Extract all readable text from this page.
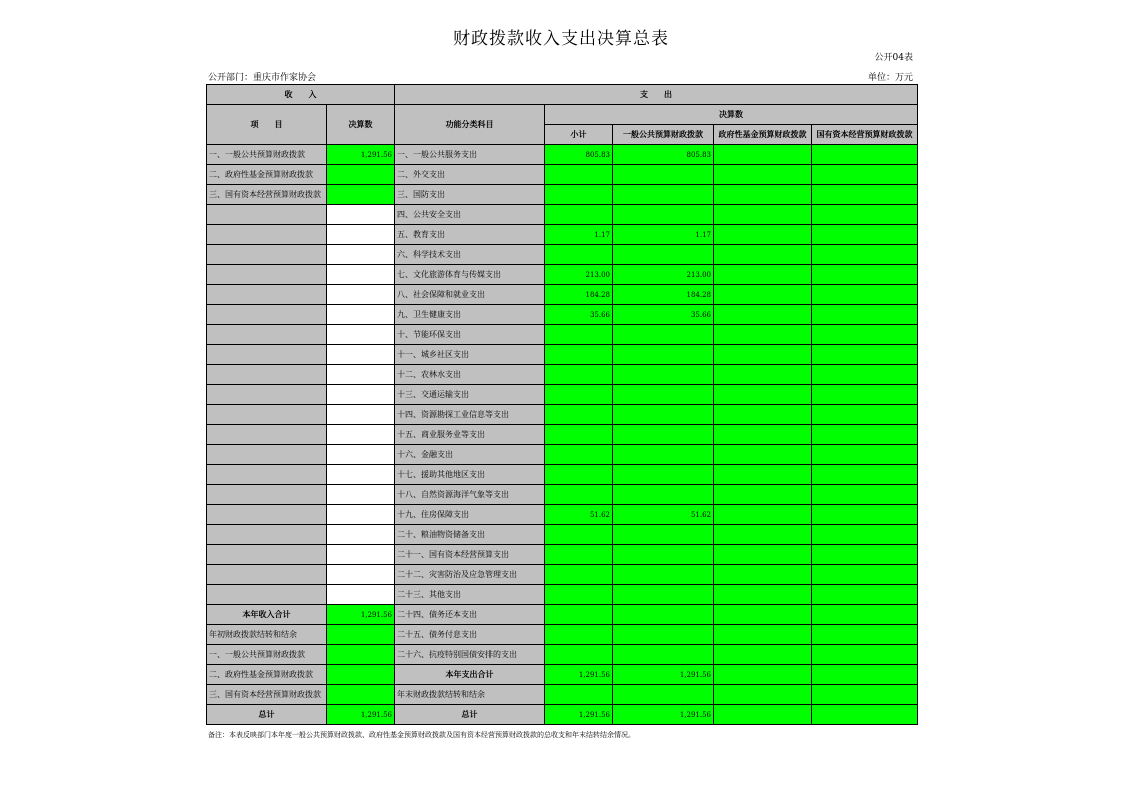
财政拨款收入支出决算总表
公开04表
公开部门：重庆市作家协会	单位：万元
收　　入		支　　出				
项　　目	决算数	功能分类科目	决算数			
			小计	一般公共预算财政拨款	政府性基金预算财政拨款	国有资本经营预算财政拨款
一、一般公共预算财政拨款	1,291.56	一、一般公共服务支出	805.83	805.83		
二、政府性基金预算财政拨款		二、外交支出				
三、国有资本经营预算财政拨款		三、国防支出				
		四、公共安全支出				
		五、教育支出	1.17	1.17		
		六、科学技术支出				
		七、文化旅游体育与传媒支出	213.00	213.00		
		八、社会保障和就业支出	184.28	184.28		
		九、卫生健康支出	35.66	35.66		
		十、节能环保支出				
		十一、城乡社区支出				
		十二、农林水支出				
		十三、交通运输支出				
		十四、资源勘探工业信息等支出				
		十五、商业服务业等支出				
		十六、金融支出				
		十七、援助其他地区支出				
		十八、自然资源海洋气象等支出				
		十九、住房保障支出	51.62	51.62		
		二十、粮油物资储备支出				
		二十一、国有资本经营预算支出				
		二十二、灾害防治及应急管理支出				
		二十三、其他支出				
本年收入合计	1,291.56	二十四、债务还本支出				
年初财政拨款结转和结余		二十五、债务付息支出				
一、一般公共预算财政拨款		二十六、抗疫特别国债安排的支出				
二、政府性基金预算财政拨款		本年支出合计	1,291.56	1,291.56		
三、国有资本经营预算财政拨款		年末财政拨款结转和结余				
总计	1,291.56	总计	1,291.56	1,291.56		
备注：本表反映部门本年度一般公共预算财政拨款、政府性基金预算财政拨款及国有资本经营预算财政拨款的总收支和年末结转结余情况。
